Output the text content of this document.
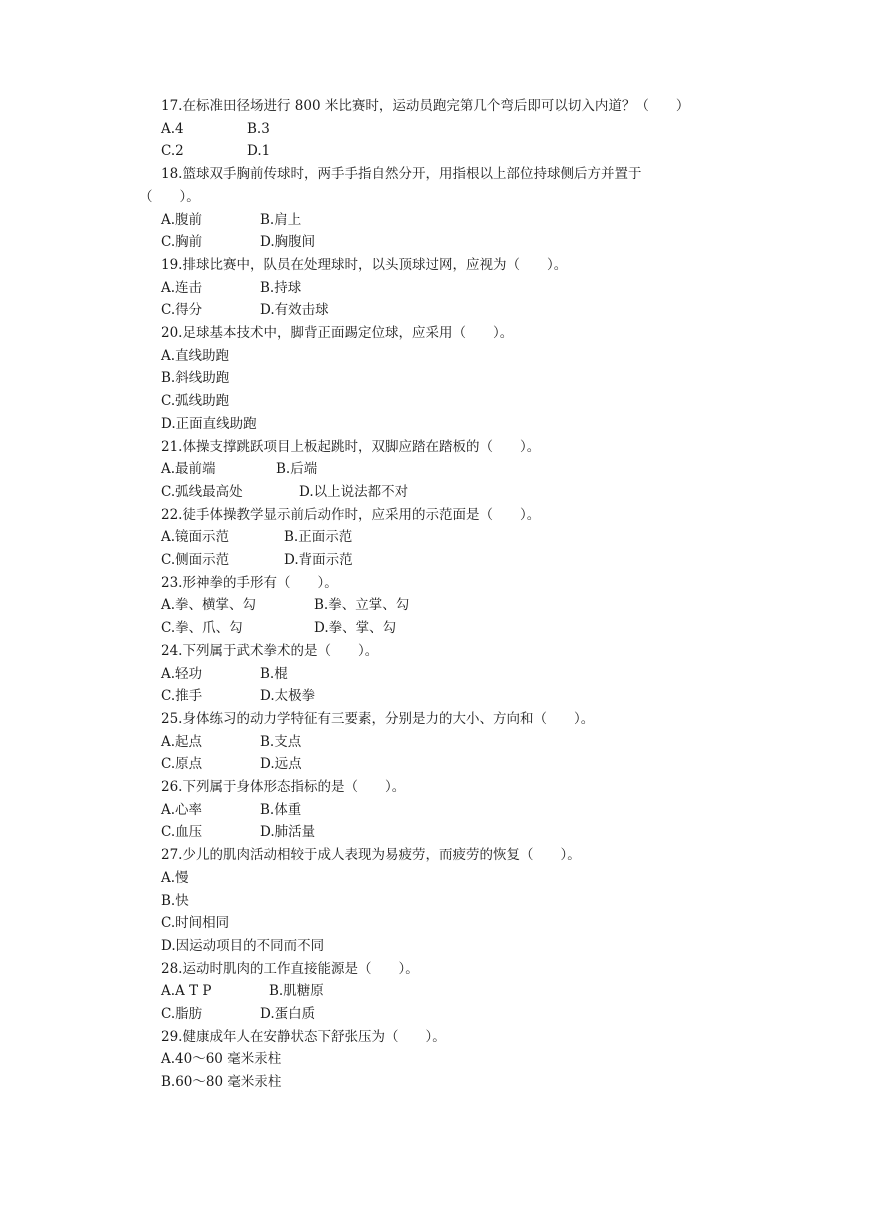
17.在标准田径场进行 800 米比赛时，运动员跑完第几个弯后即可以切入内道？（　　）
A.4	B.3
C.2	D.1
18.篮球双手胸前传球时，两手手指自然分开，用指根以上部位持球侧后方并置于
（　　）。
A.腹前	B.肩上
C.胸前	D.胸腹间
19.排球比赛中，队员在处理球时，以头顶球过网，应视为（　　）。
A.连击	B.持球
C.得分	D.有效击球
20.足球基本技术中，脚背正面踢定位球，应采用（　　）。
A.直线助跑
B.斜线助跑
C.弧线助跑
D.正面直线助跑
21.体操支撑跳跃项目上板起跳时，双脚应踏在踏板的（　　）。
A.最前端	B.后端
C.弧线最高处	D.以上说法都不对
22.徒手体操教学显示前后动作时，应采用的示范面是（　　）。
A.镜面示范	B.正面示范
C.侧面示范	D.背面示范
23.形神拳的手形有（　　）。
A.拳、横掌、勾	B.拳、立掌、勾
C.拳、爪、勾	D.拳、掌、勾
24.下列属于武术拳术的是（　　）。
A.轻功	B.棍
C.推手	D.太极拳
25.身体练习的动力学特征有三要素，分别是力的大小、方向和（　　）。
A.起点	B.支点
C.原点	D.远点
26.下列属于身体形态指标的是（　　）。
A.心率	B.体重
C.血压	D.肺活量
27.少儿的肌肉活动相较于成人表现为易疲劳，而疲劳的恢复（　　）。
A.慢
B.快
C.时间相同
D.因运动项目的不同而不同
28.运动时肌肉的工作直接能源是（　　）。
A.A T P	B.肌糖原
C.脂肪	D.蛋白质
29.健康成年人在安静状态下舒张压为（　　）。
A.40～60 毫米汞柱
B.60～80 毫米汞柱
